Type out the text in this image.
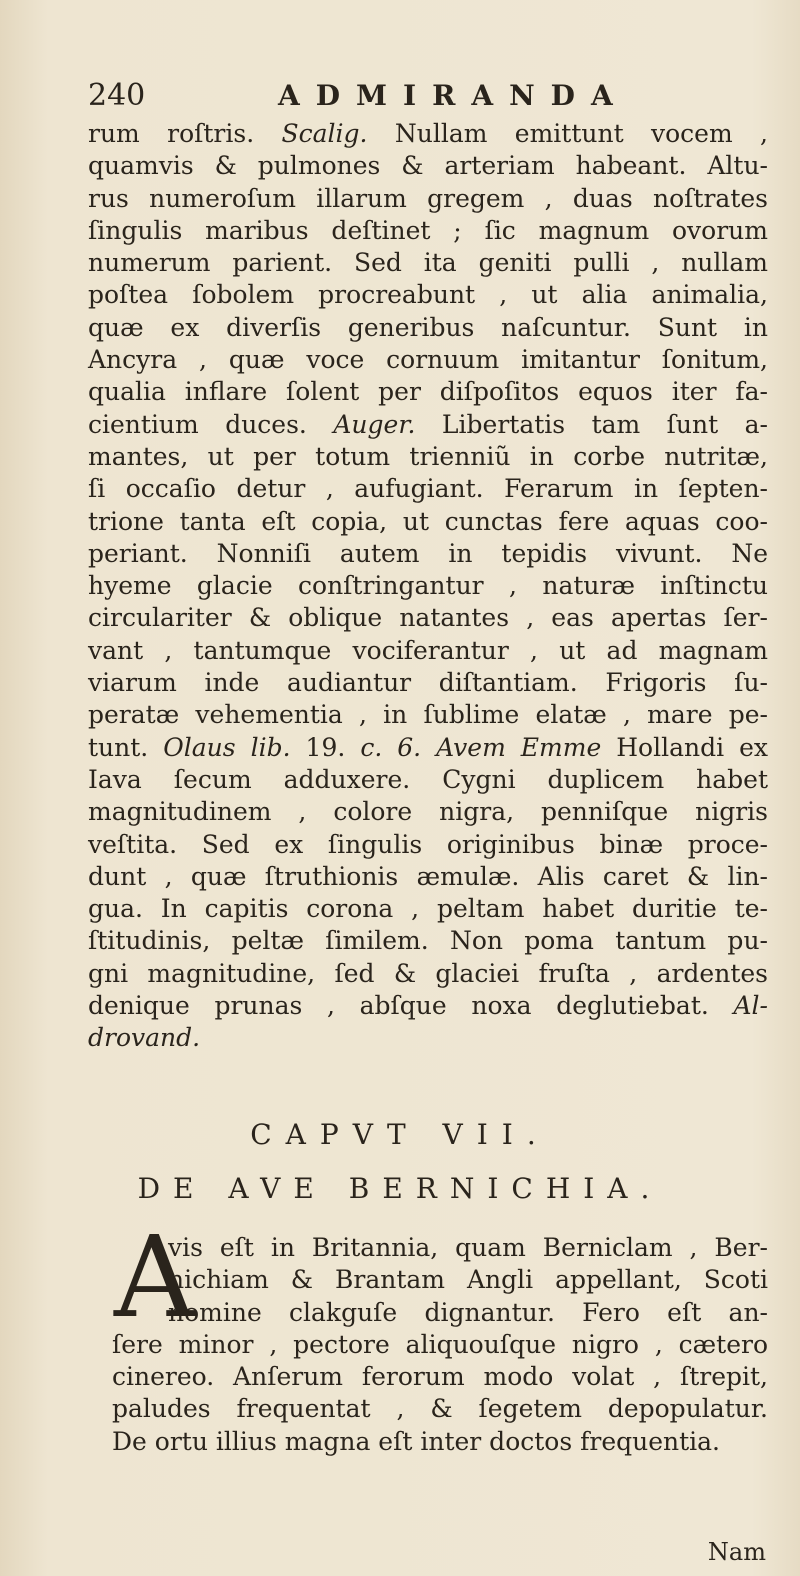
240	ADMIRANDA
rum roſtris. Scalig. Nullam emittunt vocem ,
quamvis & pulmones & arteriam habeant. Altu-
rus numeroſum illarum gregem , duas noſtrates
ſingulis maribus deſtinet ; ſic magnum ovorum
numerum parient. Sed ita geniti pulli , nullam
poſtea ſobolem procreabunt , ut alia animalia,
quæ ex diverſis generibus naſcuntur. Sunt in
Ancyra , quæ voce cornuum imitantur ſonitum,
qualia inflare ſolent per diſpoſitos equos iter fa-
cientium duces. Auger. Libertatis tam ſunt a-
mantes, ut per totum trienniũ in corbe nutritæ,
ſi occaſio detur , aufugiant. Ferarum in ſepten-
trione tanta eſt copia, ut cunctas fere aquas coo-
periant. Nonniſi autem in tepidis vivunt. Ne
hyeme glacie conſtringantur , naturæ inſtinctu
circulariter & oblique natantes , eas apertas ſer-
vant , tantumque vociferantur , ut ad magnam
viarum inde audiantur diſtantiam. Frigoris ſu-
peratæ vehementia , in ſublime elatæ , mare pe-
tunt. Olaus lib. 19. c. 6. Avem Emme Hollandi ex
Iava ſecum adduxere. Cygni duplicem habet
magnitudinem , colore nigra, penniſque nigris
veſtita. Sed ex ſingulis originibus binæ proce-
dunt , quæ ſtruthionis æmulæ. Alis caret & lin-
gua. In capitis corona , peltam habet duritie te-
ſtitudinis, peltæ ſimilem. Non poma tantum pu-
gni magnitudine, ſed & glaciei fruſta , ardentes
denique prunas , abſque noxa deglutiebat. Al-
drovand.
CAPVT VII.
DE AVE BERNICHIA.
A
vis eſt in Britannia, quam Berniclam , Ber-
nichiam & Brantam Angli appellant, Scoti
nomine clakguſe dignantur. Fero eſt an-
ſere minor , pectore aliquouſque nigro , cætero
cinereo. Anſerum ferorum modo volat , ſtrepit,
paludes frequentat , & ſegetem depopulatur.
De ortu illius magna eſt inter doctos frequentia.
Nam
